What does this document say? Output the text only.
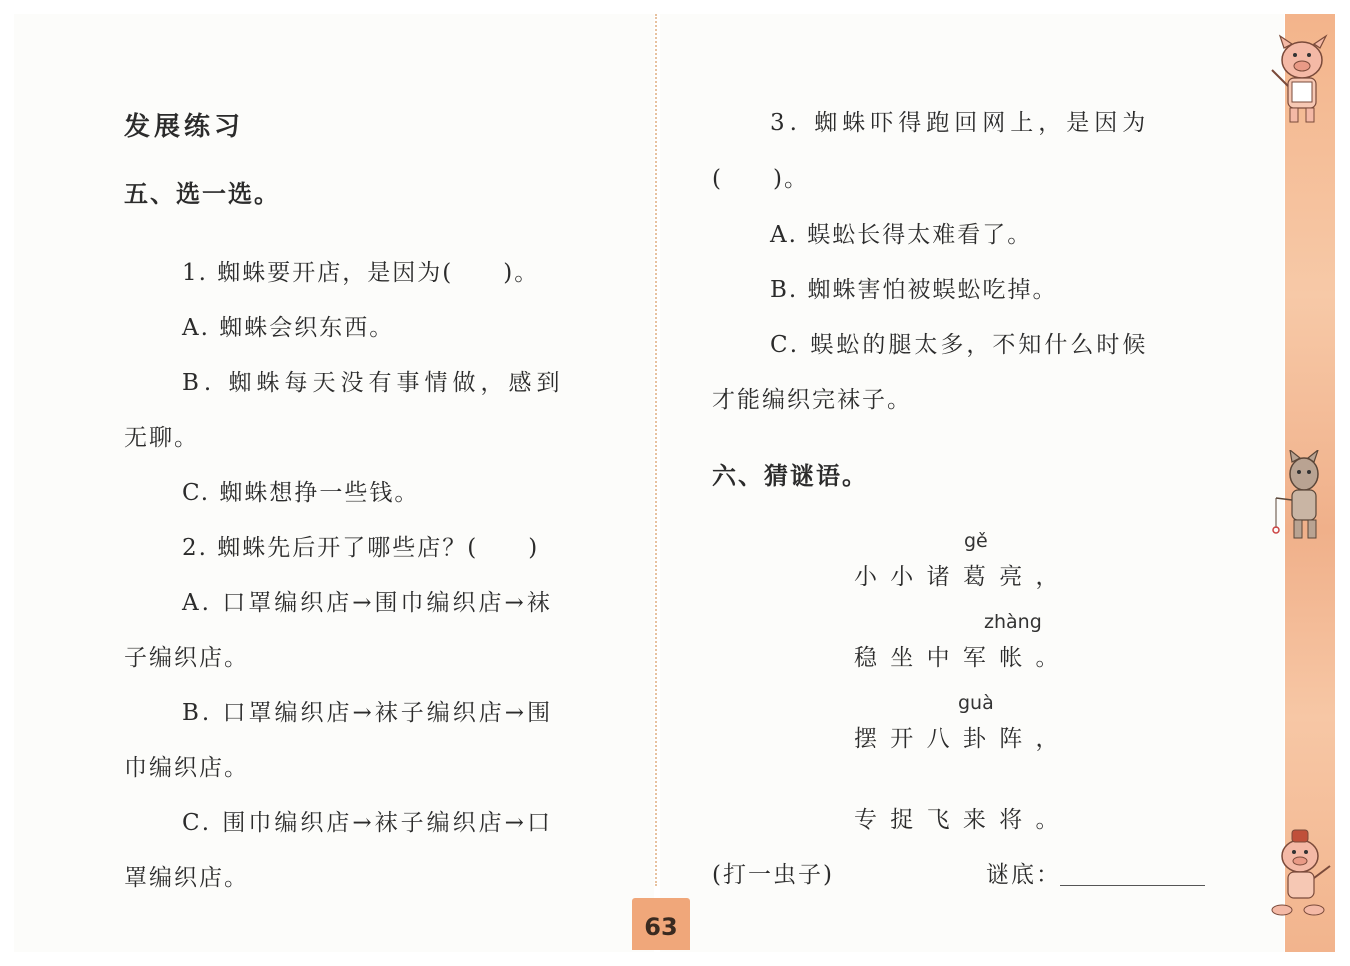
发展练习
五、选一选。
1. 蜘蛛要开店，是因为(　　)。
A. 蜘蛛会织东西。
B. 蜘蛛每天没有事情做，感到
无聊。
C. 蜘蛛想挣一些钱。
2. 蜘蛛先后开了哪些店？(　　)
A. 口罩编织店→围巾编织店→袜
子编织店。
B. 口罩编织店→袜子编织店→围
巾编织店。
C. 围巾编织店→袜子编织店→口
罩编织店。
3. 蜘蛛吓得跑回网上，是因为
(　　)。
A. 蜈蚣长得太难看了。
B. 蜘蛛害怕被蜈蚣吃掉。
C. 蜈蚣的腿太多，不知什么时候
才能编织完袜子。
六、猜谜语。
gě
小 小 诸 葛 亮 ，
zhàng
稳 坐 中 军 帐 。
guà
摆 开 八 卦 阵 ，
专 捉 飞 来 将 。
(打一虫子)	谜底：
63
